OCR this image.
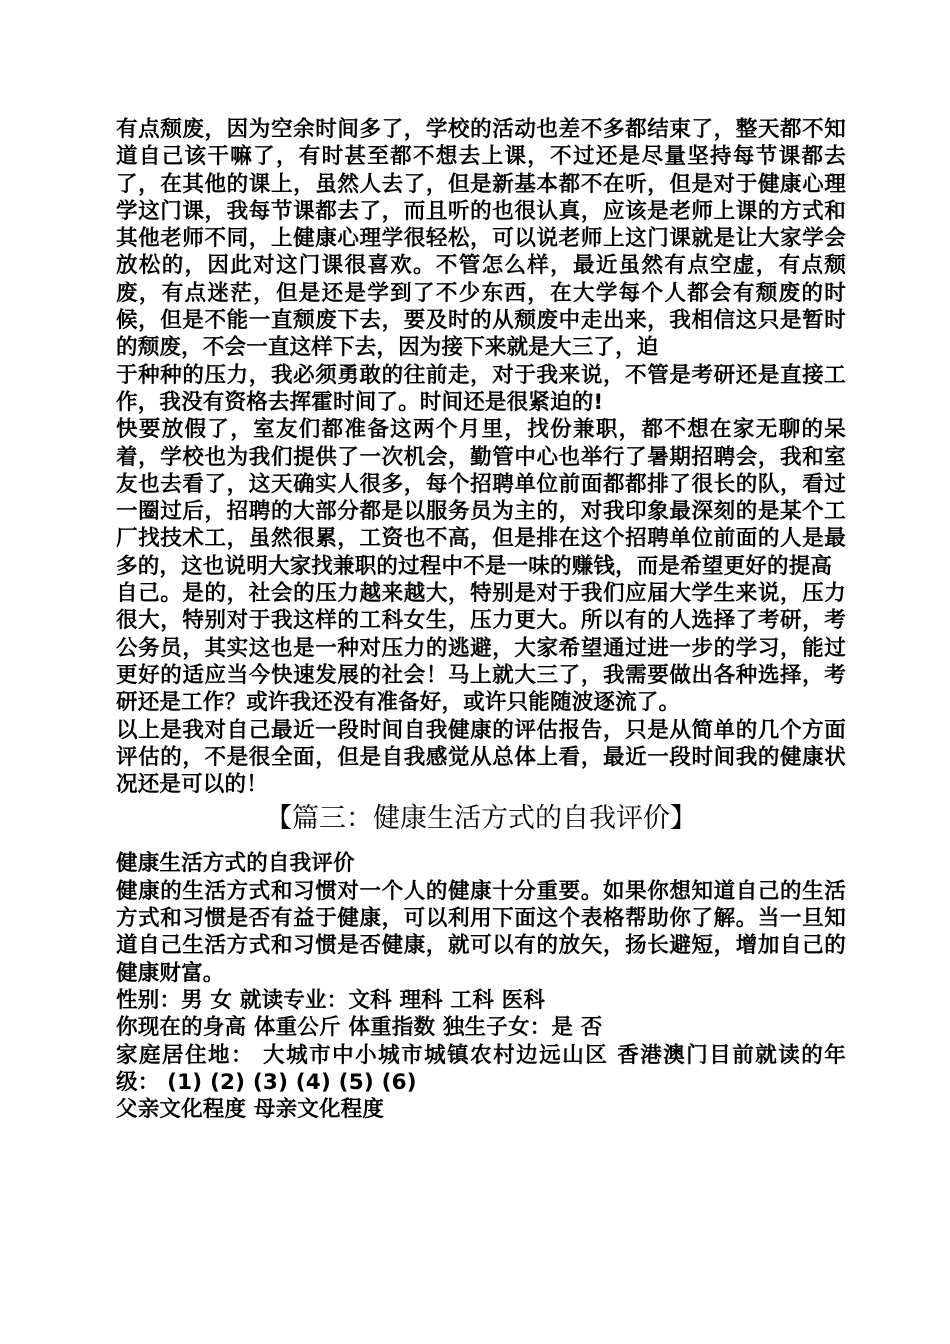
有点颓废，因为空余时间多了，学校的活动也差不多都结束了，整天都不知道自己该干嘛了，有时甚至都不想去上课，不过还是尽量坚持每节课都去了，在其他的课上，虽然人去了，但是新基本都不在听，但是对于健康心理学这门课，我每节课都去了，而且听的也很认真，应该是老师上课的方式和其他老师不同，上健康心理学很轻松，可以说老师上这门课就是让大家学会放松的，因此对这门课很喜欢。不管怎么样，最近虽然有点空虚，有点颓废，有点迷茫，但是还是学到了不少东西，在大学每个人都会有颓废的时候，但是不能一直颓废下去，要及时的从颓废中走出来，我相信这只是暂时的颓废，不会一直这样下去，因为接下来就是大三了，迫

于种种的压力，我必须勇敢的往前走，对于我来说，不管是考研还是直接工作，我没有资格去挥霍时间了。时间还是很紧迫的!

快要放假了，室友们都准备这两个月里，找份兼职，都不想在家无聊的呆着，学校也为我们提供了一次机会，勤管中心也举行了暑期招聘会，我和室友也去看了，这天确实人很多，每个招聘单位前面都都排了很长的队，看过一圈过后，招聘的大部分都是以服务员为主的，对我印象最深刻的是某个工厂找技术工，虽然很累，工资也不高，但是排在这个招聘单位前面的人是最多的，这也说明大家找兼职的过程中不是一味的赚钱，而是希望更好的提高

自己。是的，社会的压力越来越大，特别是对于我们应届大学生来说，压力很大，特别对于我这样的工科女生，压力更大。所以有的人选择了考研，考公务员，其实这也是一种对压力的逃避，大家希望通过进一步的学习，能过更好的适应当今快速发展的社会！马上就大三了，我需要做出各种选择，考研还是工作？或许我还没有准备好，或许只能随波逐流了。

以上是我对自己最近一段时间自我健康的评估报告，只是从简单的几个方面评估的，不是很全面，但是自我感觉从总体上看，最近一段时间我的健康状况还是可以的！

【篇三：健康生活方式的自我评价】

健康生活方式的自我评价

健康的生活方式和习惯对一个人的健康十分重要。如果你想知道自己的生活方式和习惯是否有益于健康，可以利用下面这个表格帮助你了解。当一旦知道自己生活方式和习惯是否健康，就可以有的放矢，扬长避短，增加自己的健康财富。

性别：男 女 就读专业：文科 理科 工科 医科

你现在的身高 体重公斤 体重指数 独生子女：是 否

家庭居住地： 大城市中小城市城镇农村边远山区 香港澳门目前就读的年级： (1) (2) (3) (4) (5) (6)

父亲文化程度 母亲文化程度
